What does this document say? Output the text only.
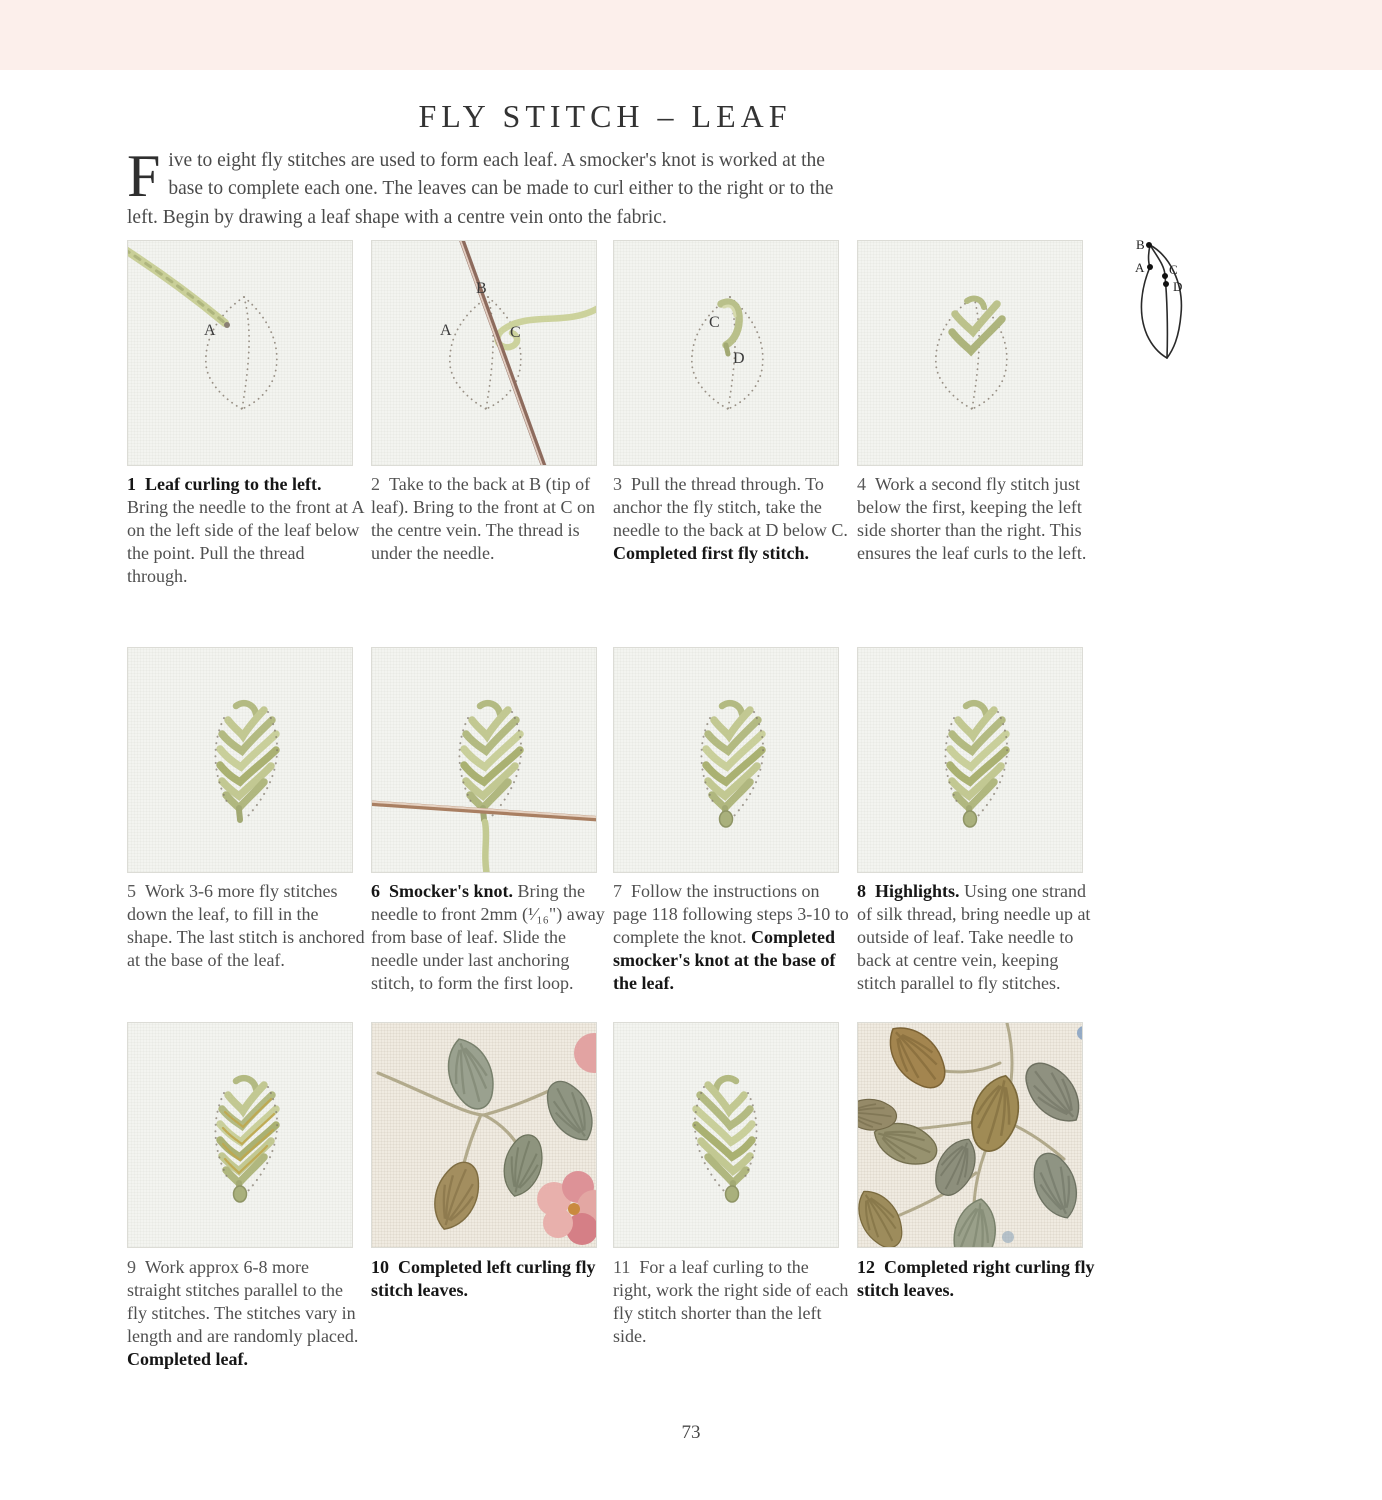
FLY STITCH – LEAF

Five to eight fly stitches are used to form each leaf. A smocker's knot is worked at the base to complete each one. The leaves can be made to curl either to the right or to the left. Begin by drawing a leaf shape with a centre vein onto the fabric.

B
A C
D
A
B
A	C
C
D
1 Leaf curling to the left. Bring the needle to the front at A on the left side of the leaf below the point. Pull the thread through.
2 Take to the back at B (tip of leaf). Bring to the front at C on the centre vein. The thread is under the needle.
3 Pull the thread through. To anchor the fly stitch, take the needle to the back at D below C. Completed first fly stitch.
4 Work a second fly stitch just below the first, keeping the left side shorter than the right. This ensures the leaf curls to the left.
5 Work 3-6 more fly stitches down the leaf, to fill in the shape. The last stitch is anchored at the base of the leaf.
6 Smocker's knot. Bring the needle to front 2mm (¹⁄₁₆") away from base of leaf. Slide the needle under last anchoring stitch, to form the first loop.
7 Follow the instructions on page 118 following steps 3-10 to complete the knot. Completed smocker's knot at the base of the leaf.
8 Highlights. Using one strand of silk thread, bring needle up at outside of leaf. Take needle to back at centre vein, keeping stitch parallel to fly stitches.
9 Work approx 6-8 more straight stitches parallel to the fly stitches. The stitches vary in length and are randomly placed. Completed leaf.
10 Completed left curling fly stitch leaves.
11 For a leaf curling to the right, work the right side of each fly stitch shorter than the left side.
12 Completed right curling fly stitch leaves.
73
